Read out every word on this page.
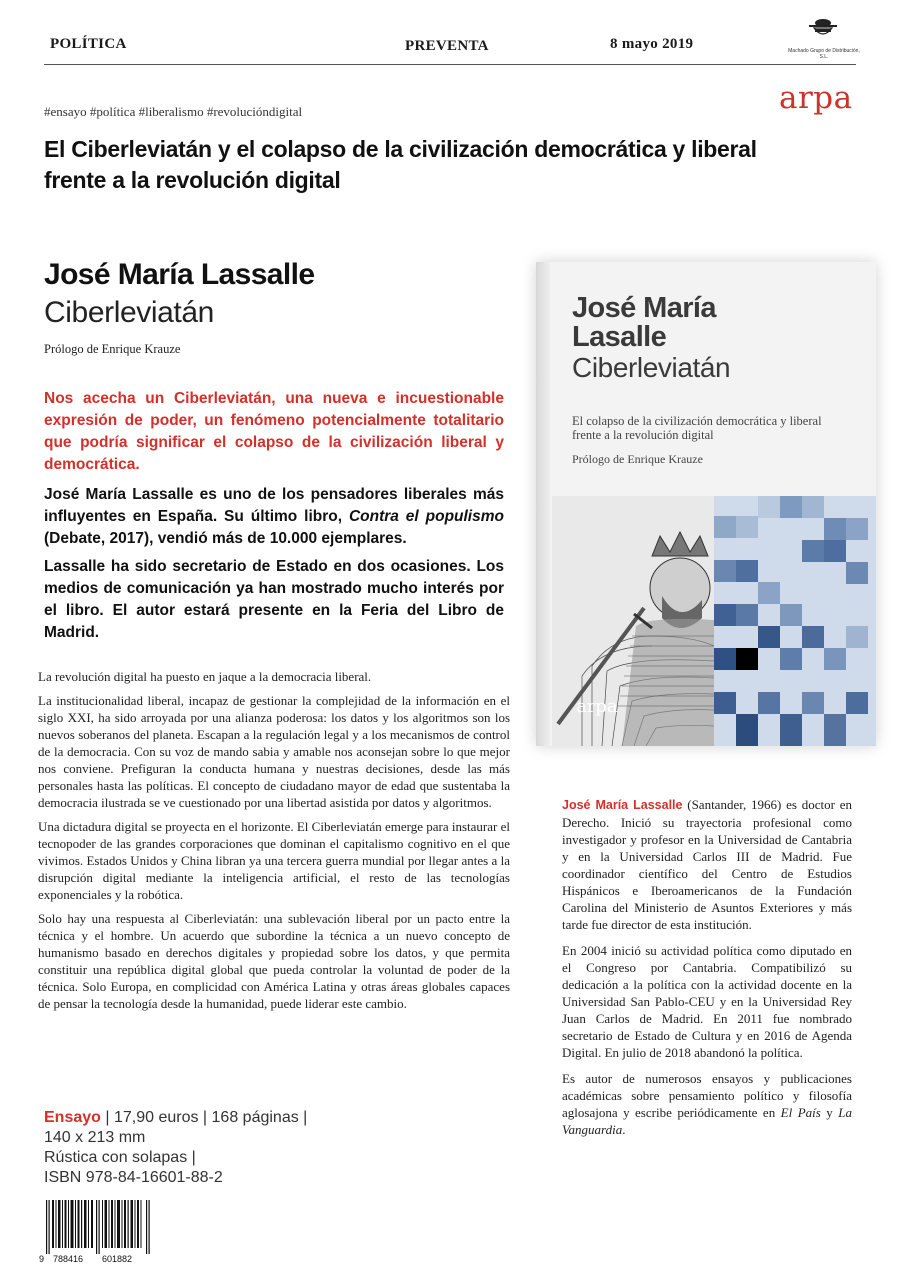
POLÍTICA	PREVENTA	8 mayo 2019	Machado Grupo de Distribución, S.L.
arpa
#ensayo #política #liberalismo #revolucióndigital
El Ciberleviatán y el colapso de la civilización democrática y liberal frente a la revolución digital
José María Lassalle
Ciberleviatán
Prólogo de Enrique Krauze

Nos acecha un Ciberleviatán, una nueva e incuestionable expresión de poder, un fenómeno potencialmente totalitario que podría significar el colapso de la civilización liberal y democrática.

José María Lassalle es uno de los pensadores liberales más influyentes en España. Su último libro, Contra el populismo (Debate, 2017), vendió más de 10.000 ejemplares.

Lassalle ha sido secretario de Estado en dos ocasiones. Los medios de comunicación ya han mostrado mucho interés por el libro. El autor estará presente en la Feria del Libro de Madrid.

La revolución digital ha puesto en jaque a la democracia liberal.

La institucionalidad liberal, incapaz de gestionar la complejidad de la información en el siglo XXI, ha sido arroyada por una alianza poderosa: los datos y los algoritmos son los nuevos soberanos del planeta. Escapan a la regulación legal y a los mecanismos de control de la democracia. Con su voz de mando sabia y amable nos aconsejan sobre lo que mejor nos conviene. Prefiguran la conducta humana y nuestras decisiones, desde las más personales hasta las políticas. El concepto de ciudadano mayor de edad que sustentaba la democracia ilustrada se ve cuestionado por una libertad asistida por datos y algoritmos.

Una dictadura digital se proyecta en el horizonte. El Ciberleviatán emerge para instaurar el tecnopoder de las grandes corporaciones que dominan el capitalismo cognitivo en el que vivimos. Estados Unidos y China libran ya una tercera guerra mundial por llegar antes a la disrupción digital mediante la inteligencia artificial, el resto de las tecnologías exponenciales y la robótica.

Solo hay una respuesta al Ciberleviatán: una sublevación liberal por un pacto entre la técnica y el hombre. Un acuerdo que subordine la técnica a un nuevo concepto de humanismo basado en derechos digitales y propiedad sobre los datos, y que permita constituir una república digital global que pueda controlar la voluntad de poder de la técnica. Solo Europa, en complicidad con América Latina y otras áreas globales capaces de pensar la tecnología desde la humanidad, puede liderar este cambio.

Ensayo | 17,90 euros | 168 páginas |
140 x 213 mm
Rústica con solapas |
ISBN 978-84-16601-88-2
9 788416 601882
José María
Lasalle
Ciberleviatán
El colapso de la civilización democrática y liberal frente a la revolución digital
Prólogo de Enrique Krauze
arpa

José María Lassalle (Santander, 1966) es doctor en Derecho. Inició su trayectoria profesional como investigador y profesor en la Universidad de Cantabria y en la Universidad Carlos III de Madrid. Fue coordinador científico del Centro de Estudios Hispánicos e Iberoamericanos de la Fundación Carolina del Ministerio de Asuntos Exteriores y más tarde fue director de esta institución.

En 2004 inició su actividad política como diputado en el Congreso por Cantabria. Compatibilizó su dedicación a la política con la actividad docente en la Universidad San Pablo-CEU y en la Universidad Rey Juan Carlos de Madrid. En 2011 fue nombrado secretario de Estado de Cultura y en 2016 de Agenda Digital. En julio de 2018 abandonó la política.

Es autor de numerosos ensayos y publicaciones académicas sobre pensamiento político y filosofía aglosajona y escribe periódicamente en El País y La Vanguardia.
